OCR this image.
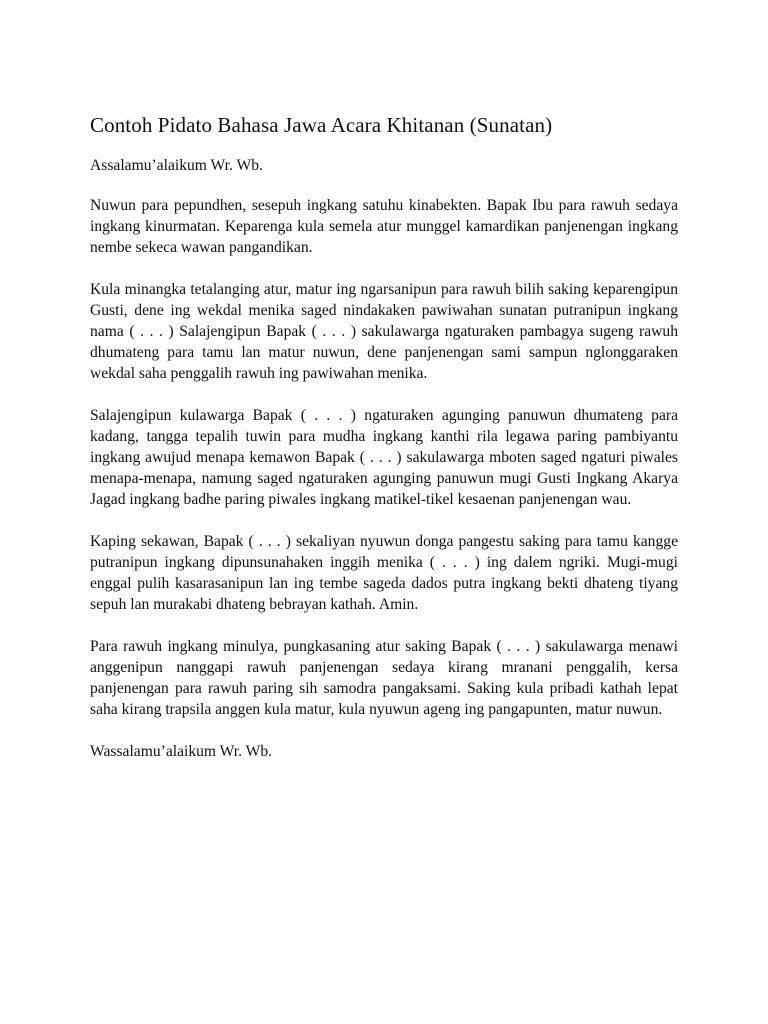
Contoh Pidato Bahasa Jawa Acara Khitanan (Sunatan)

Assalamu’alaikum Wr. Wb.

Nuwun para pepundhen, sesepuh ingkang satuhu kinabekten. Bapak Ibu para rawuh sedaya ingkang kinurmatan. Keparenga kula semela atur munggel kamardikan panjenengan ingkang nembe sekeca wawan pangandikan.

Kula minangka tetalanging atur, matur ing ngarsanipun para rawuh bilih saking keparengipun Gusti, dene ing wekdal menika saged nindakaken pawiwahan sunatan putranipun ingkang nama ( . . . ) Salajengipun Bapak ( . . . ) sakulawarga ngaturaken pambagya sugeng rawuh dhumateng para tamu lan matur nuwun, dene panjenengan sami sampun nglonggaraken wekdal saha penggalih rawuh ing pawiwahan menika.

Salajengipun kulawarga Bapak ( . . . ) ngaturaken agunging panuwun dhumateng para kadang, tangga tepalih tuwin para mudha ingkang kanthi rila legawa paring pambiyantu ingkang awujud menapa kemawon Bapak ( . . . ) sakulawarga mboten saged ngaturi piwales menapa-menapa, namung saged ngaturaken agunging panuwun mugi Gusti Ingkang Akarya Jagad ingkang badhe paring piwales ingkang matikel-tikel kesaenan panjenengan wau.

Kaping sekawan, Bapak ( . . . ) sekaliyan nyuwun donga pangestu saking para tamu kangge putranipun ingkang dipunsunahaken inggih menika ( . . . ) ing dalem ngriki. Mugi-mugi enggal pulih kasarasanipun lan ing tembe sageda dados putra ingkang bekti dhateng tiyang sepuh lan murakabi dhateng bebrayan kathah. Amin.

Para rawuh ingkang minulya, pungkasaning atur saking Bapak ( . . . ) sakulawarga menawi anggenipun nanggapi rawuh panjenengan sedaya kirang mranani penggalih, kersa panjenengan para rawuh paring sih samodra pangaksami. Saking kula pribadi kathah lepat saha kirang trapsila anggen kula matur, kula nyuwun ageng ing pangapunten, matur nuwun.

Wassalamu’alaikum Wr. Wb.
